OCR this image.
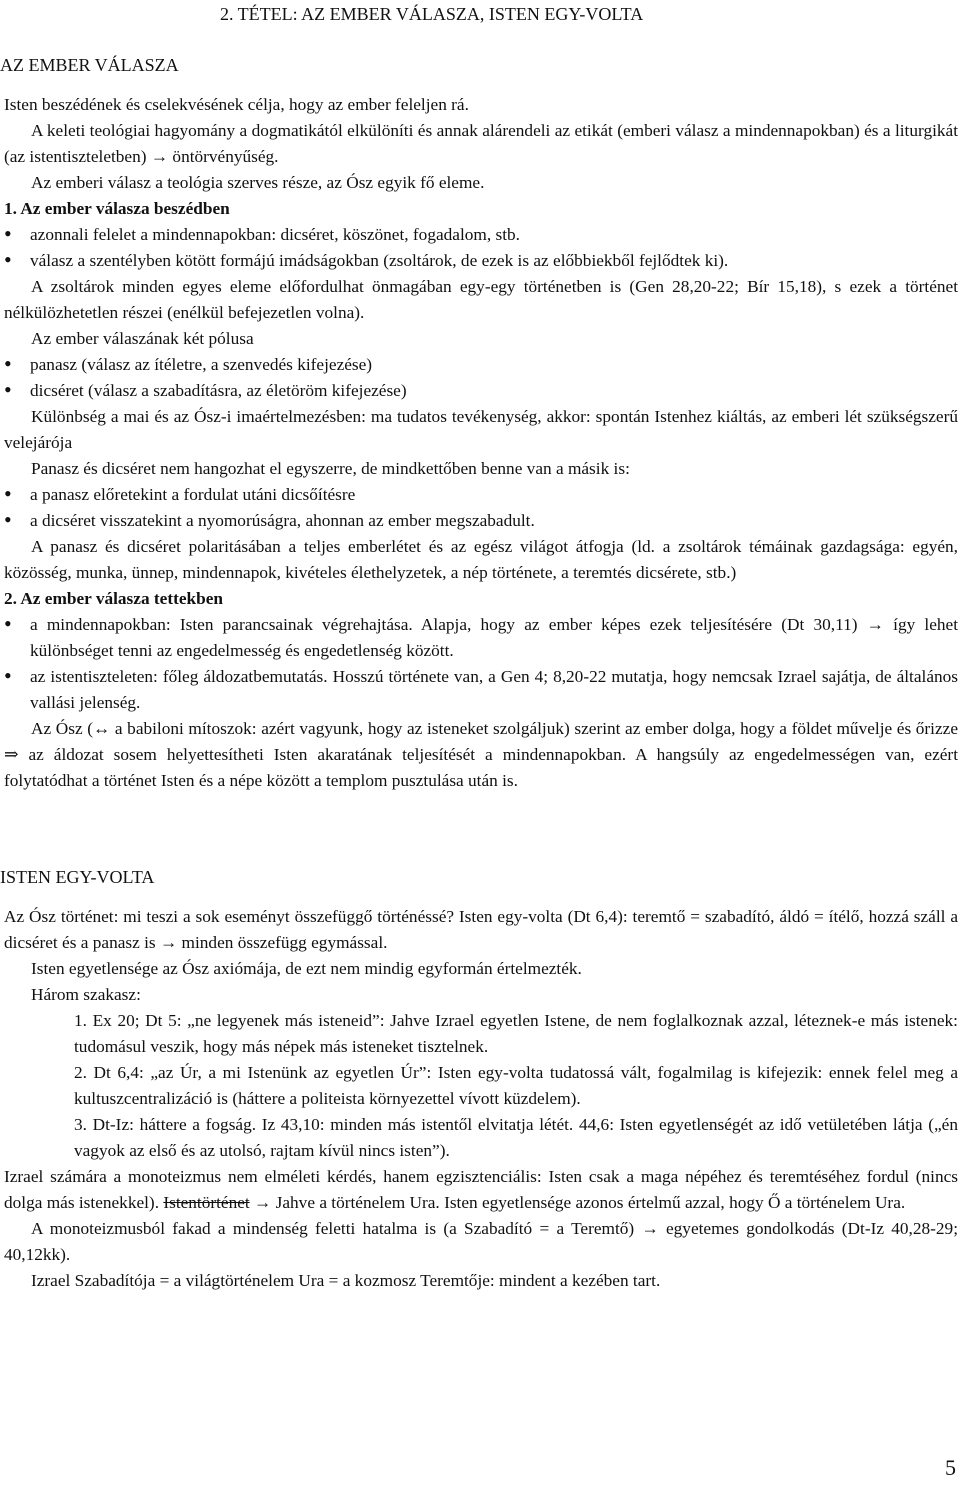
2. TÉTEL: AZ EMBER VÁLASZA, ISTEN EGY-VOLTA
AZ EMBER VÁLASZA

Isten beszédének és cselekvésének célja, hogy az ember feleljen rá.

A keleti teológiai hagyomány a dogmatikától elkülöníti és annak alárendeli az etikát (emberi válasz a mindennapokban) és a liturgikát (az istentiszteletben) → öntörvényűség.

Az emberi válasz a teológia szerves része, az Ósz egyik fő eleme.

1. Az ember válasza beszédben

• azonnali felelet a mindennapokban: dicséret, köszönet, fogadalom, stb.
• válasz a szentélyben kötött formájú imádságokban (zsoltárok, de ezek is az előbbiekből fejlődtek ki).

A zsoltárok minden egyes eleme előfordulhat önmagában egy-egy történetben is (Gen 28,20-22; Bír 15,18), s ezek a történet nélkülözhetetlen részei (enélkül befejezetlen volna).

Az ember válaszának két pólusa

• panasz (válasz az ítéletre, a szenvedés kifejezése)
• dicséret (válasz a szabadításra, az életöröm kifejezése)

Különbség a mai és az Ósz-i imaértelmezésben: ma tudatos tevékenység, akkor: spontán Istenhez kiáltás, az emberi lét szükségszerű velejárója

Panasz és dicséret nem hangozhat el egyszerre, de mindkettőben benne van a másik is:

• a panasz előretekint a fordulat utáni dicsőítésre
• a dicséret visszatekint a nyomorúságra, ahonnan az ember megszabadult.

A panasz és dicséret polaritásában a teljes emberlétet és az egész világot átfogja (ld. a zsoltárok témáinak gazdagsága: egyén, közösség, munka, ünnep, mindennapok, kivételes élethelyzetek, a nép története, a teremtés dicsérete, stb.)

2. Az ember válasza tettekben

• a mindennapokban: Isten parancsainak végrehajtása. Alapja, hogy az ember képes ezek teljesítésére (Dt 30,11) → így lehet különbséget tenni az engedelmesség és engedetlenség között.
• az istentiszteleten: főleg áldozatbemutatás. Hosszú története van, a Gen 4; 8,20-22 mutatja, hogy nemcsak Izrael sajátja, de általános vallási jelenség.

Az Ósz (↔ a babiloni mítoszok: azért vagyunk, hogy az isteneket szolgáljuk) szerint az ember dolga, hogy a földet művelje és őrizze ⇒ az áldozat sosem helyettesítheti Isten akaratának teljesítését a mindennapokban. A hangsúly az engedelmességen van, ezért folytatódhat a történet Isten és a népe között a templom pusztulása után is.

ISTEN EGY-VOLTA

Az Ósz történet: mi teszi a sok eseményt összefüggő történéssé? Isten egy-volta (Dt 6,4): teremtő = szabadító, áldó = ítélő, hozzá száll a dicséret és a panasz is → minden összefügg egymással.

Isten egyetlensége az Ósz axiómája, de ezt nem mindig egyformán értelmezték.

Három szakasz:

1. Ex 20; Dt 5: „ne legyenek más isteneid”: Jahve Izrael egyetlen Istene, de nem foglalkoznak azzal, léteznek-e más istenek: tudomásul veszik, hogy más népek más isteneket tisztelnek.
2. Dt 6,4: „az Úr, a mi Istenünk az egyetlen Úr”: Isten egy-volta tudatossá vált, fogalmilag is kifejezik: ennek felel meg a kultuszcentralizáció is (háttere a politeista környezettel vívott küzdelem).
3. Dt-Iz: háttere a fogság. Iz 43,10: minden más istentől elvitatja létét. 44,6: Isten egyetlenségét az idő vetületében látja („én vagyok az első és az utolsó, rajtam kívül nincs isten”).

Izrael számára a monoteizmus nem elméleti kérdés, hanem egzisztenciális: Isten csak a maga népéhez és teremtéséhez fordul (nincs dolga más istenekkel). Istentörténet → Jahve a történelem Ura. Isten egyetlensége azonos értelmű azzal, hogy Ő a történelem Ura.

A monoteizmusból fakad a mindenség feletti hatalma is (a Szabadító = a Teremtő) → egyetemes gondolkodás (Dt-Iz 40,28-29; 40,12kk).

Izrael Szabadítója = a világtörténelem Ura = a kozmosz Teremtője: mindent a kezében tart.

5
